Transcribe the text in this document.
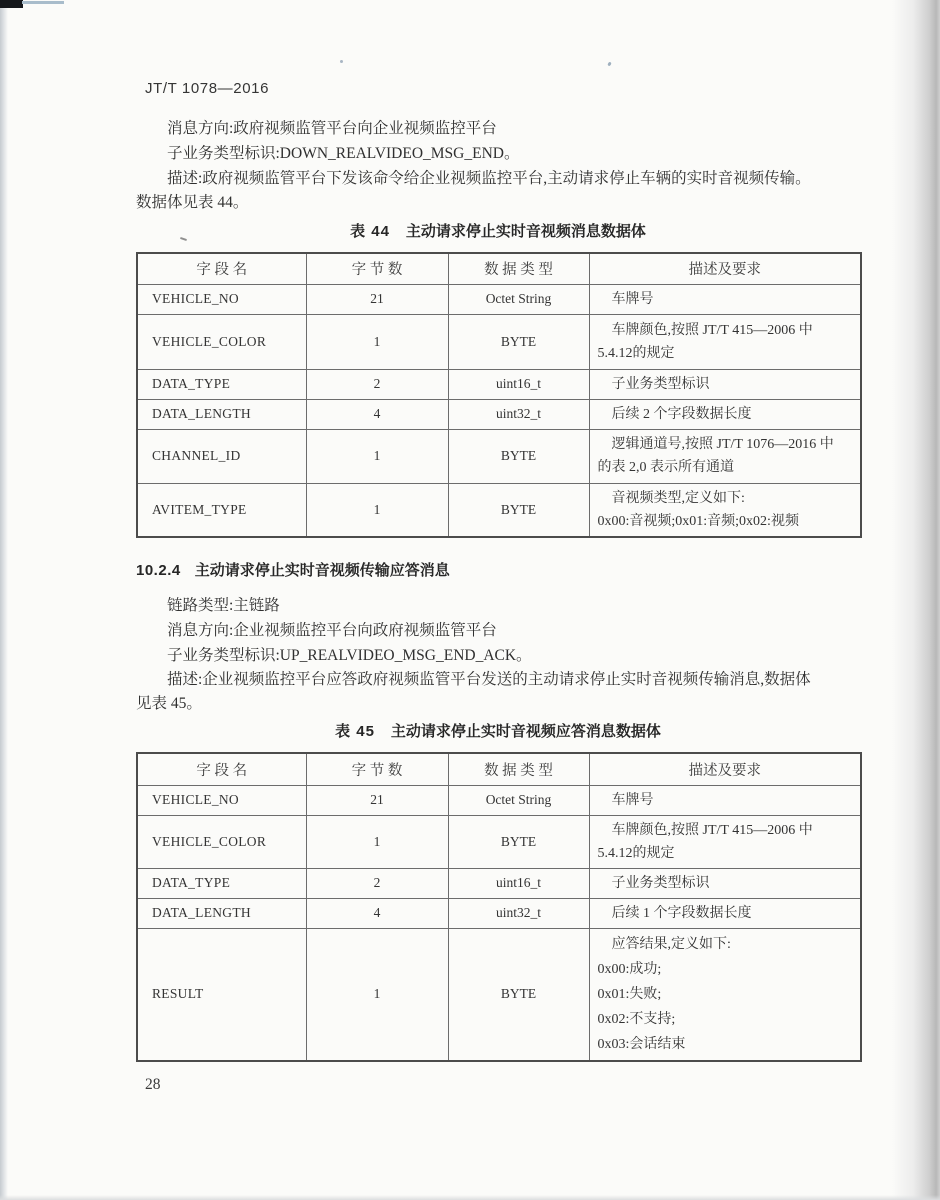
JT/T 1078—2016

消息方向:政府视频监管平台向企业视频监控平台

子业务类型标识:DOWN_REALVIDEO_MSG_END。

描述:政府视频监管平台下发该命令给企业视频监控平台,主动请求停止车辆的实时音视频传输。

数据体见表 44。

表 44 主动请求停止实时音视频消息数据体
字 段 名	字 节 数	数 据 类 型	描述及要求
VEHICLE_NO	21	Octet String	车牌号

VEHICLE_COLOR	1	BYTE	车牌颜色,按照 JT/T 415—2006 中
5.4.12的规定

DATA_TYPE	2	uint16_t	子业务类型标识

DATA_LENGTH	4	uint32_t	后续 2 个字段数据长度

CHANNEL_ID	1	BYTE	逻辑通道号,按照 JT/T 1076—2016 中
的表 2,0 表示所有通道

AVITEM_TYPE	1	BYTE	音视频类型,定义如下:
0x00:音视频;0x01:音频;0x02:视频
10.2.4 主动请求停止实时音视频传输应答消息

链路类型:主链路

消息方向:企业视频监控平台向政府视频监管平台

子业务类型标识:UP_REALVIDEO_MSG_END_ACK。

描述:企业视频监控平台应答政府视频监管平台发送的主动请求停止实时音视频传输消息,数据体

见表 45。

表 45 主动请求停止实时音视频应答消息数据体
字 段 名	字 节 数	数 据 类 型	描述及要求
VEHICLE_NO	21	Octet String	车牌号

VEHICLE_COLOR	1	BYTE	车牌颜色,按照 JT/T 415—2006 中
5.4.12的规定

DATA_TYPE	2	uint16_t	子业务类型标识

DATA_LENGTH	4	uint32_t	后续 1 个字段数据长度

RESULT	1	BYTE	应答结果,定义如下:
0x00:成功;
0x01:失败;
0x02:不支持;
0x03:会话结束
28
